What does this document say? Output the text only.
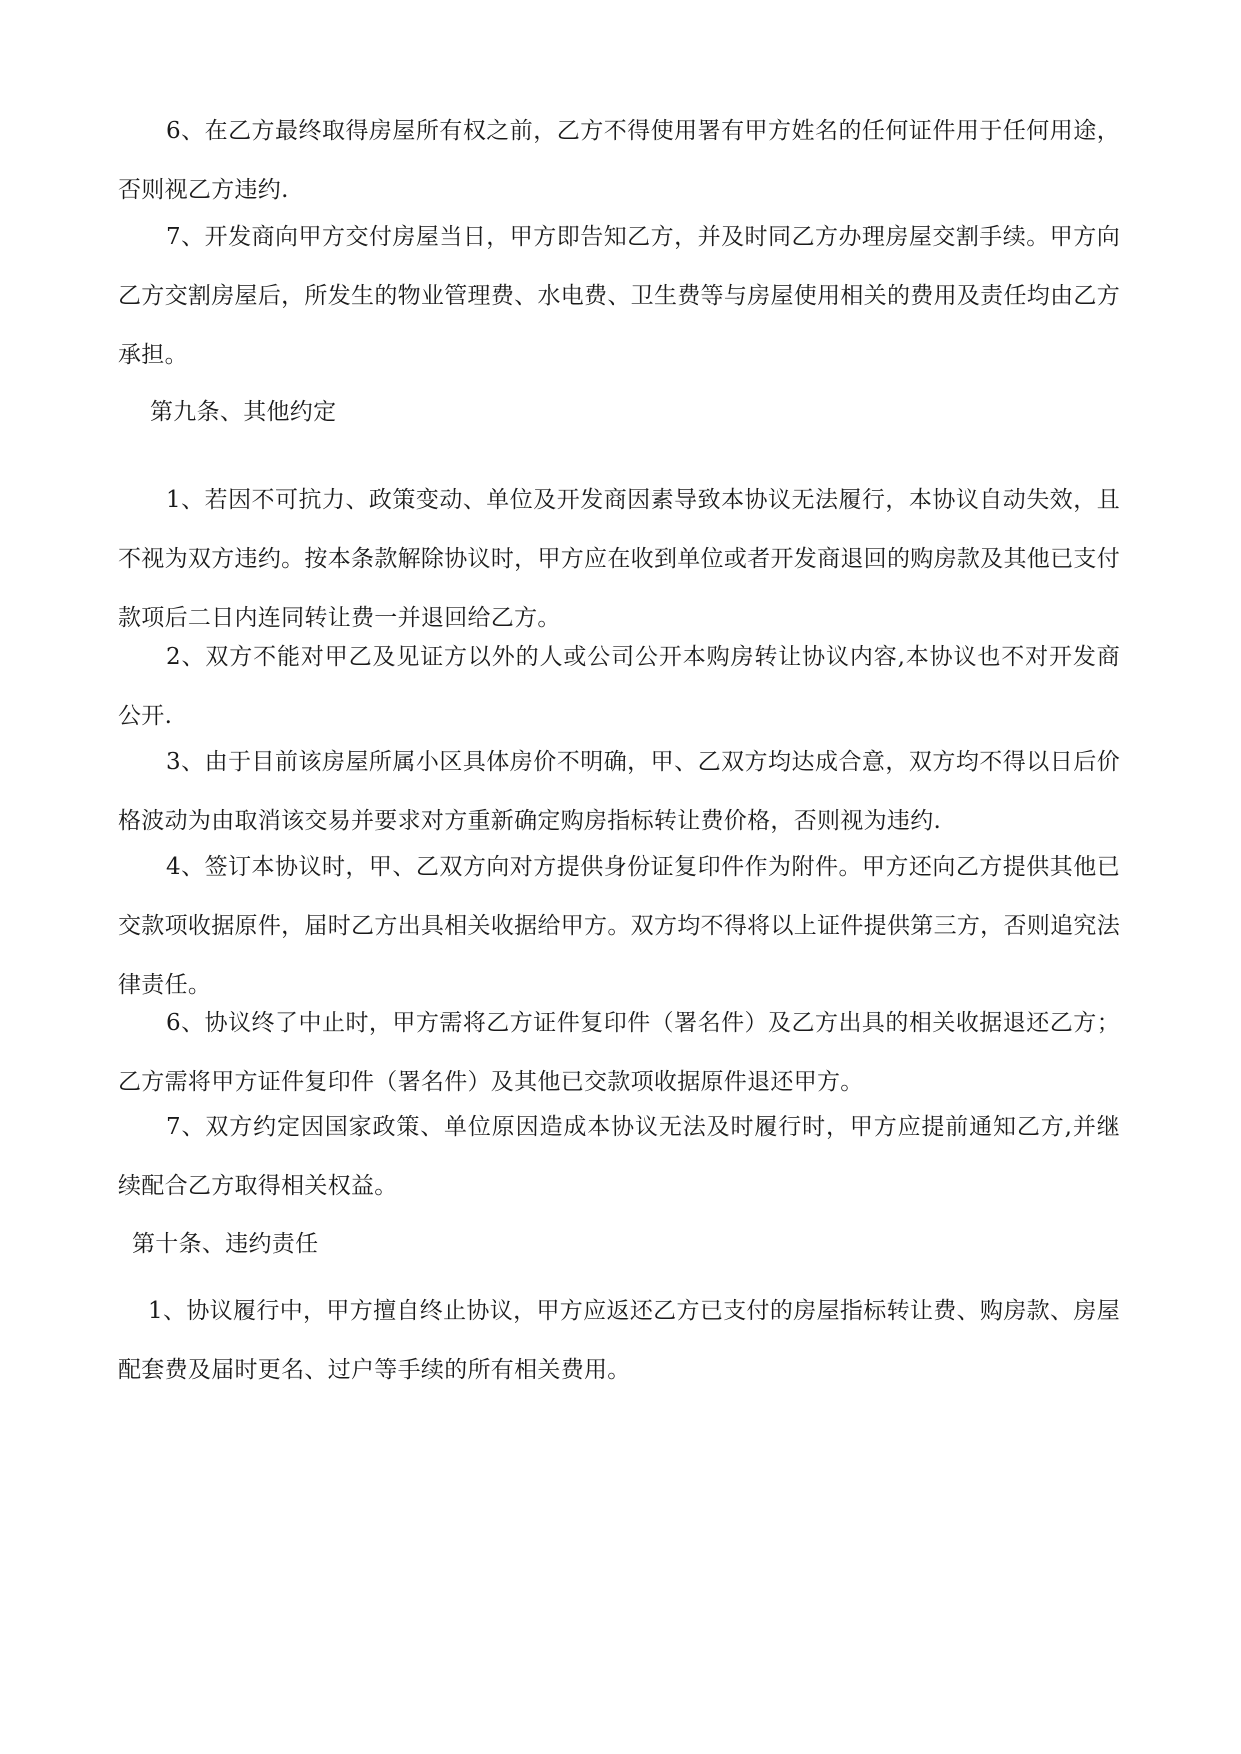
6、在乙方最终取得房屋所有权之前，乙方不得使用署有甲方姓名的任何证件用于任何用途，否则视乙方违约.

7、开发商向甲方交付房屋当日，甲方即告知乙方，并及时同乙方办理房屋交割手续。甲方向乙方交割房屋后，所发生的物业管理费、水电费、卫生费等与房屋使用相关的费用及责任均由乙方承担。

第九条、其他约定

1、若因不可抗力、政策变动、单位及开发商因素导致本协议无法履行，本协议自动失效，且不视为双方违约。按本条款解除协议时，甲方应在收到单位或者开发商退回的购房款及其他已支付款项后二日内连同转让费一并退回给乙方。

2、双方不能对甲乙及见证方以外的人或公司公开本购房转让协议内容,本协议也不对开发商公开.

3、由于目前该房屋所属小区具体房价不明确，甲、乙双方均达成合意，双方均不得以日后价格波动为由取消该交易并要求对方重新确定购房指标转让费价格，否则视为违约.

4、签订本协议时，甲、乙双方向对方提供身份证复印件作为附件。甲方还向乙方提供其他已交款项收据原件，届时乙方出具相关收据给甲方。双方均不得将以上证件提供第三方，否则追究法律责任。

6、协议终了中止时，甲方需将乙方证件复印件（署名件）及乙方出具的相关收据退还乙方；乙方需将甲方证件复印件（署名件）及其他已交款项收据原件退还甲方。

7、双方约定因国家政策、单位原因造成本协议无法及时履行时，甲方应提前通知乙方,并继续配合乙方取得相关权益。

第十条、违约责任

1、协议履行中，甲方擅自终止协议，甲方应返还乙方已支付的房屋指标转让费、购房款、房屋配套费及届时更名、过户等手续的所有相关费用。
